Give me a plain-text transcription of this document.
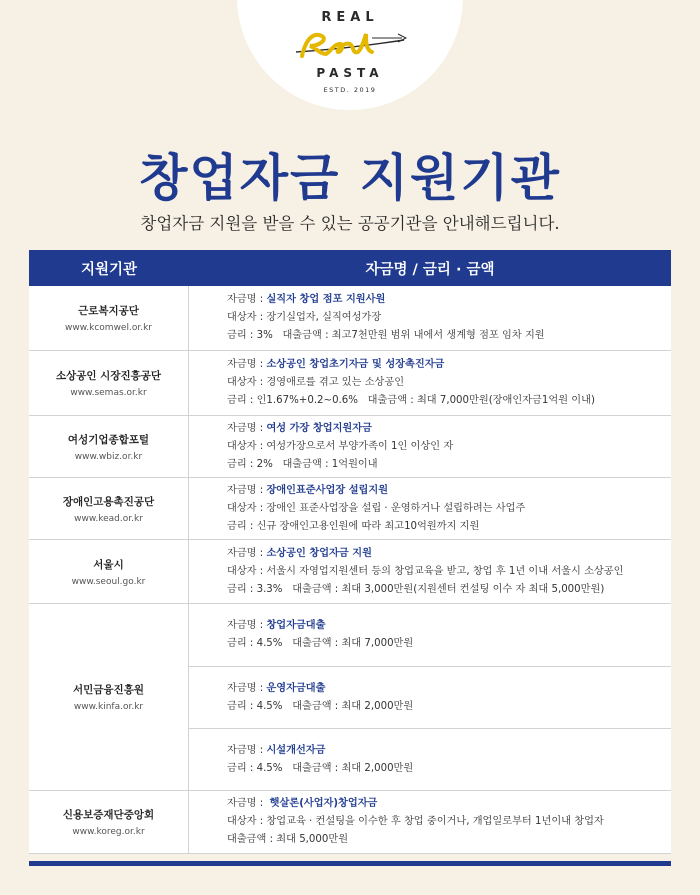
REAL
PASTA
ESTD. 2019
창업자금 지원기관
창업자금 지원을 받을 수 있는 공공기관을 안내해드립니다.
지원기관	자금명 / 금리 · 금액
근로복지공단
www.kcomwel.or.kr
자금명 : 실직자 창업 점포 지원사원
대상자 : 장기실업자, 실직여성가장
금리 : 3%   대출금액 : 최고7천만원 범위 내에서 생계형 점포 임차 지원
소상공인 시장진흥공단
www.semas.or.kr
자금명 : 소상공인 창업초기자금 및 성장촉진자금
대상자 : 경영애로를 겪고 있는 소상공인
금리 : 인1.67%+0.2~0.6%   대출금액 : 최대 7,000만원(장애인자금1억원 이내)
여성기업종합포털
www.wbiz.or.kr
자금명 : 여성 가장 창업지원자금
대상자 : 여성가장으로서 부양가족이 1인 이상인 자
금리 : 2%   대출금액 : 1억원이내
장애인고용촉진공단
www.kead.or.kr
자금명 : 장애인표준사업장 설립지원
대상자 : 장애인 표준사업장을 설립 · 운영하거나 설립하려는 사업주
금리 : 신규 장애인고용인원에 따라 최고10억원까지 지원
서울시
www.seoul.go.kr
자금명 : 소상공인 창업자금 지원
대상자 : 서울시 자영업지원센터 등의 창업교육을 받고, 창업 후 1년 이내 서울시 소상공인
금리 : 3.3%   대출금액 : 최대 3,000만원(지원센터 컨설팅 이수 자 최대 5,000만원)
서민금융진흥원
www.kinfa.or.kr
자금명 : 창업자금대출
금리 : 4.5%   대출금액 : 최대 7,000만원
자금명 : 운영자금대출
금리 : 4.5%   대출금액 : 최대 2,000만원
자금명 : 시설개선자금
금리 : 4.5%   대출금액 : 최대 2,000만원
신용보증재단중앙회
www.koreg.or.kr
자금명 :  햇살론(사업자)창업자금
대상자 : 창업교육 · 컨설팅을 이수한 후 창업 중이거나, 개업일로부터 1년이내 창업자
대출금액 : 최대 5,000만원
